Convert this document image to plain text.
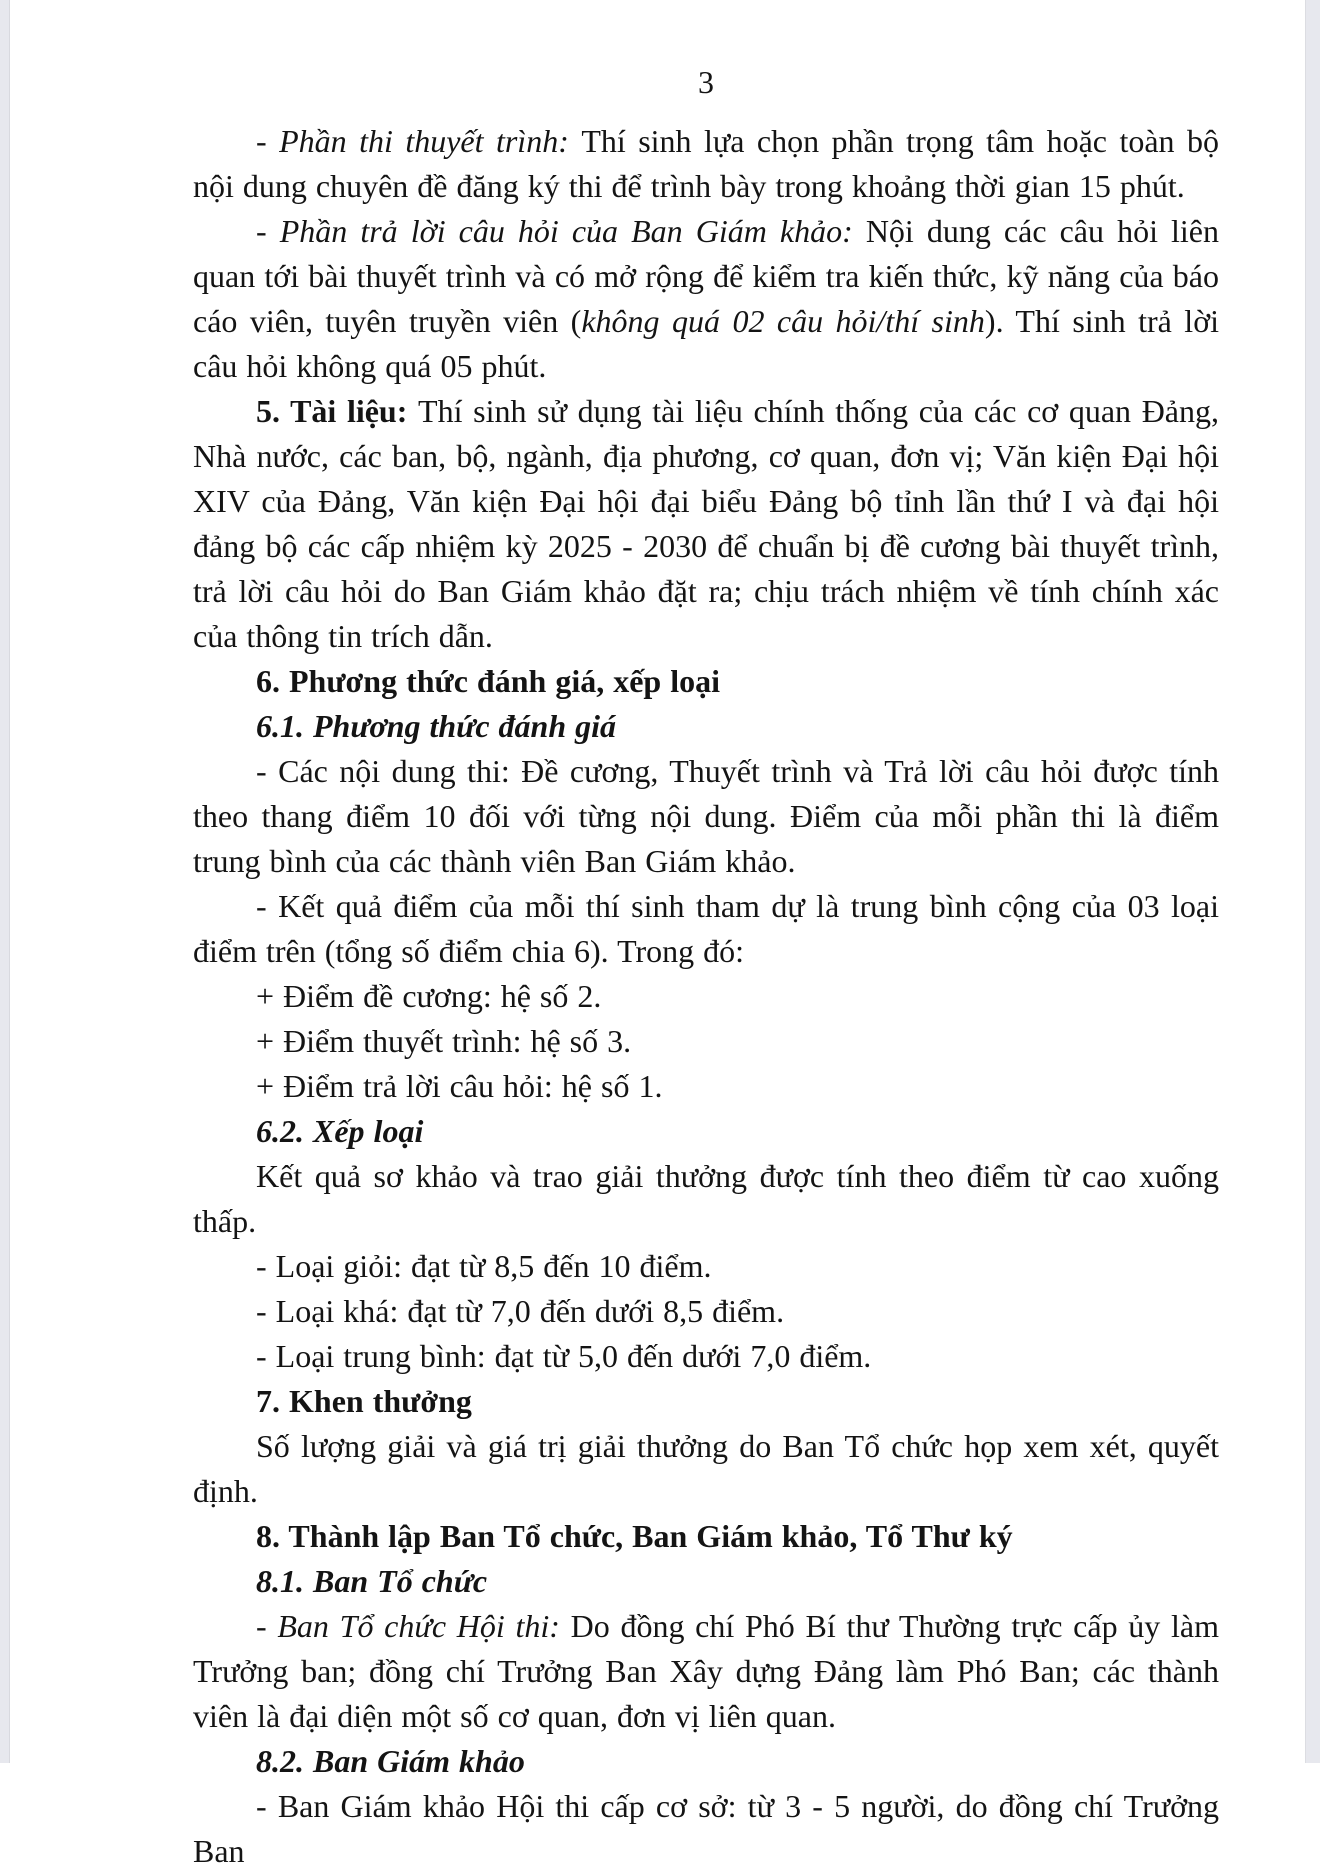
3

- Phần thi thuyết trình: Thí sinh lựa chọn phần trọng tâm hoặc toàn bộ nội dung chuyên đề đăng ký thi để trình bày trong khoảng thời gian 15 phút.

- Phần trả lời câu hỏi của Ban Giám khảo: Nội dung các câu hỏi liên quan tới bài thuyết trình và có mở rộng để kiểm tra kiến thức, kỹ năng của báo cáo viên, tuyên truyền viên (không quá 02 câu hỏi/thí sinh). Thí sinh trả lời câu hỏi không quá 05 phút.

5. Tài liệu: Thí sinh sử dụng tài liệu chính thống của các cơ quan Đảng, Nhà nước, các ban, bộ, ngành, địa phương, cơ quan, đơn vị; Văn kiện Đại hội XIV của Đảng, Văn kiện Đại hội đại biểu Đảng bộ tỉnh lần thứ I và đại hội đảng bộ các cấp nhiệm kỳ 2025 - 2030 để chuẩn bị đề cương bài thuyết trình, trả lời câu hỏi do Ban Giám khảo đặt ra; chịu trách nhiệm về tính chính xác của thông tin trích dẫn.

6. Phương thức đánh giá, xếp loại

6.1. Phương thức đánh giá

- Các nội dung thi: Đề cương, Thuyết trình và Trả lời câu hỏi được tính theo thang điểm 10 đối với từng nội dung. Điểm của mỗi phần thi là điểm trung bình của các thành viên Ban Giám khảo.

- Kết quả điểm của mỗi thí sinh tham dự là trung bình cộng của 03 loại điểm trên (tổng số điểm chia 6). Trong đó:

+ Điểm đề cương: hệ số 2.

+ Điểm thuyết trình: hệ số 3.

+ Điểm trả lời câu hỏi: hệ số 1.

6.2. Xếp loại

Kết quả sơ khảo và trao giải thưởng được tính theo điểm từ cao xuống thấp.

- Loại giỏi: đạt từ 8,5 đến 10 điểm.

- Loại khá: đạt từ 7,0 đến dưới 8,5 điểm.

- Loại trung bình: đạt từ 5,0 đến dưới 7,0 điểm.

7. Khen thưởng

Số lượng giải và giá trị giải thưởng do Ban Tổ chức họp xem xét, quyết định.

8. Thành lập Ban Tổ chức, Ban Giám khảo, Tổ Thư ký

8.1. Ban Tổ chức

- Ban Tổ chức Hội thi: Do đồng chí Phó Bí thư Thường trực cấp ủy làm Trưởng ban; đồng chí Trưởng Ban Xây dựng Đảng làm Phó Ban; các thành viên là đại diện một số cơ quan, đơn vị liên quan.

8.2. Ban Giám khảo

- Ban Giám khảo Hội thi cấp cơ sở: từ 3 - 5 người, do đồng chí Trưởng Ban
